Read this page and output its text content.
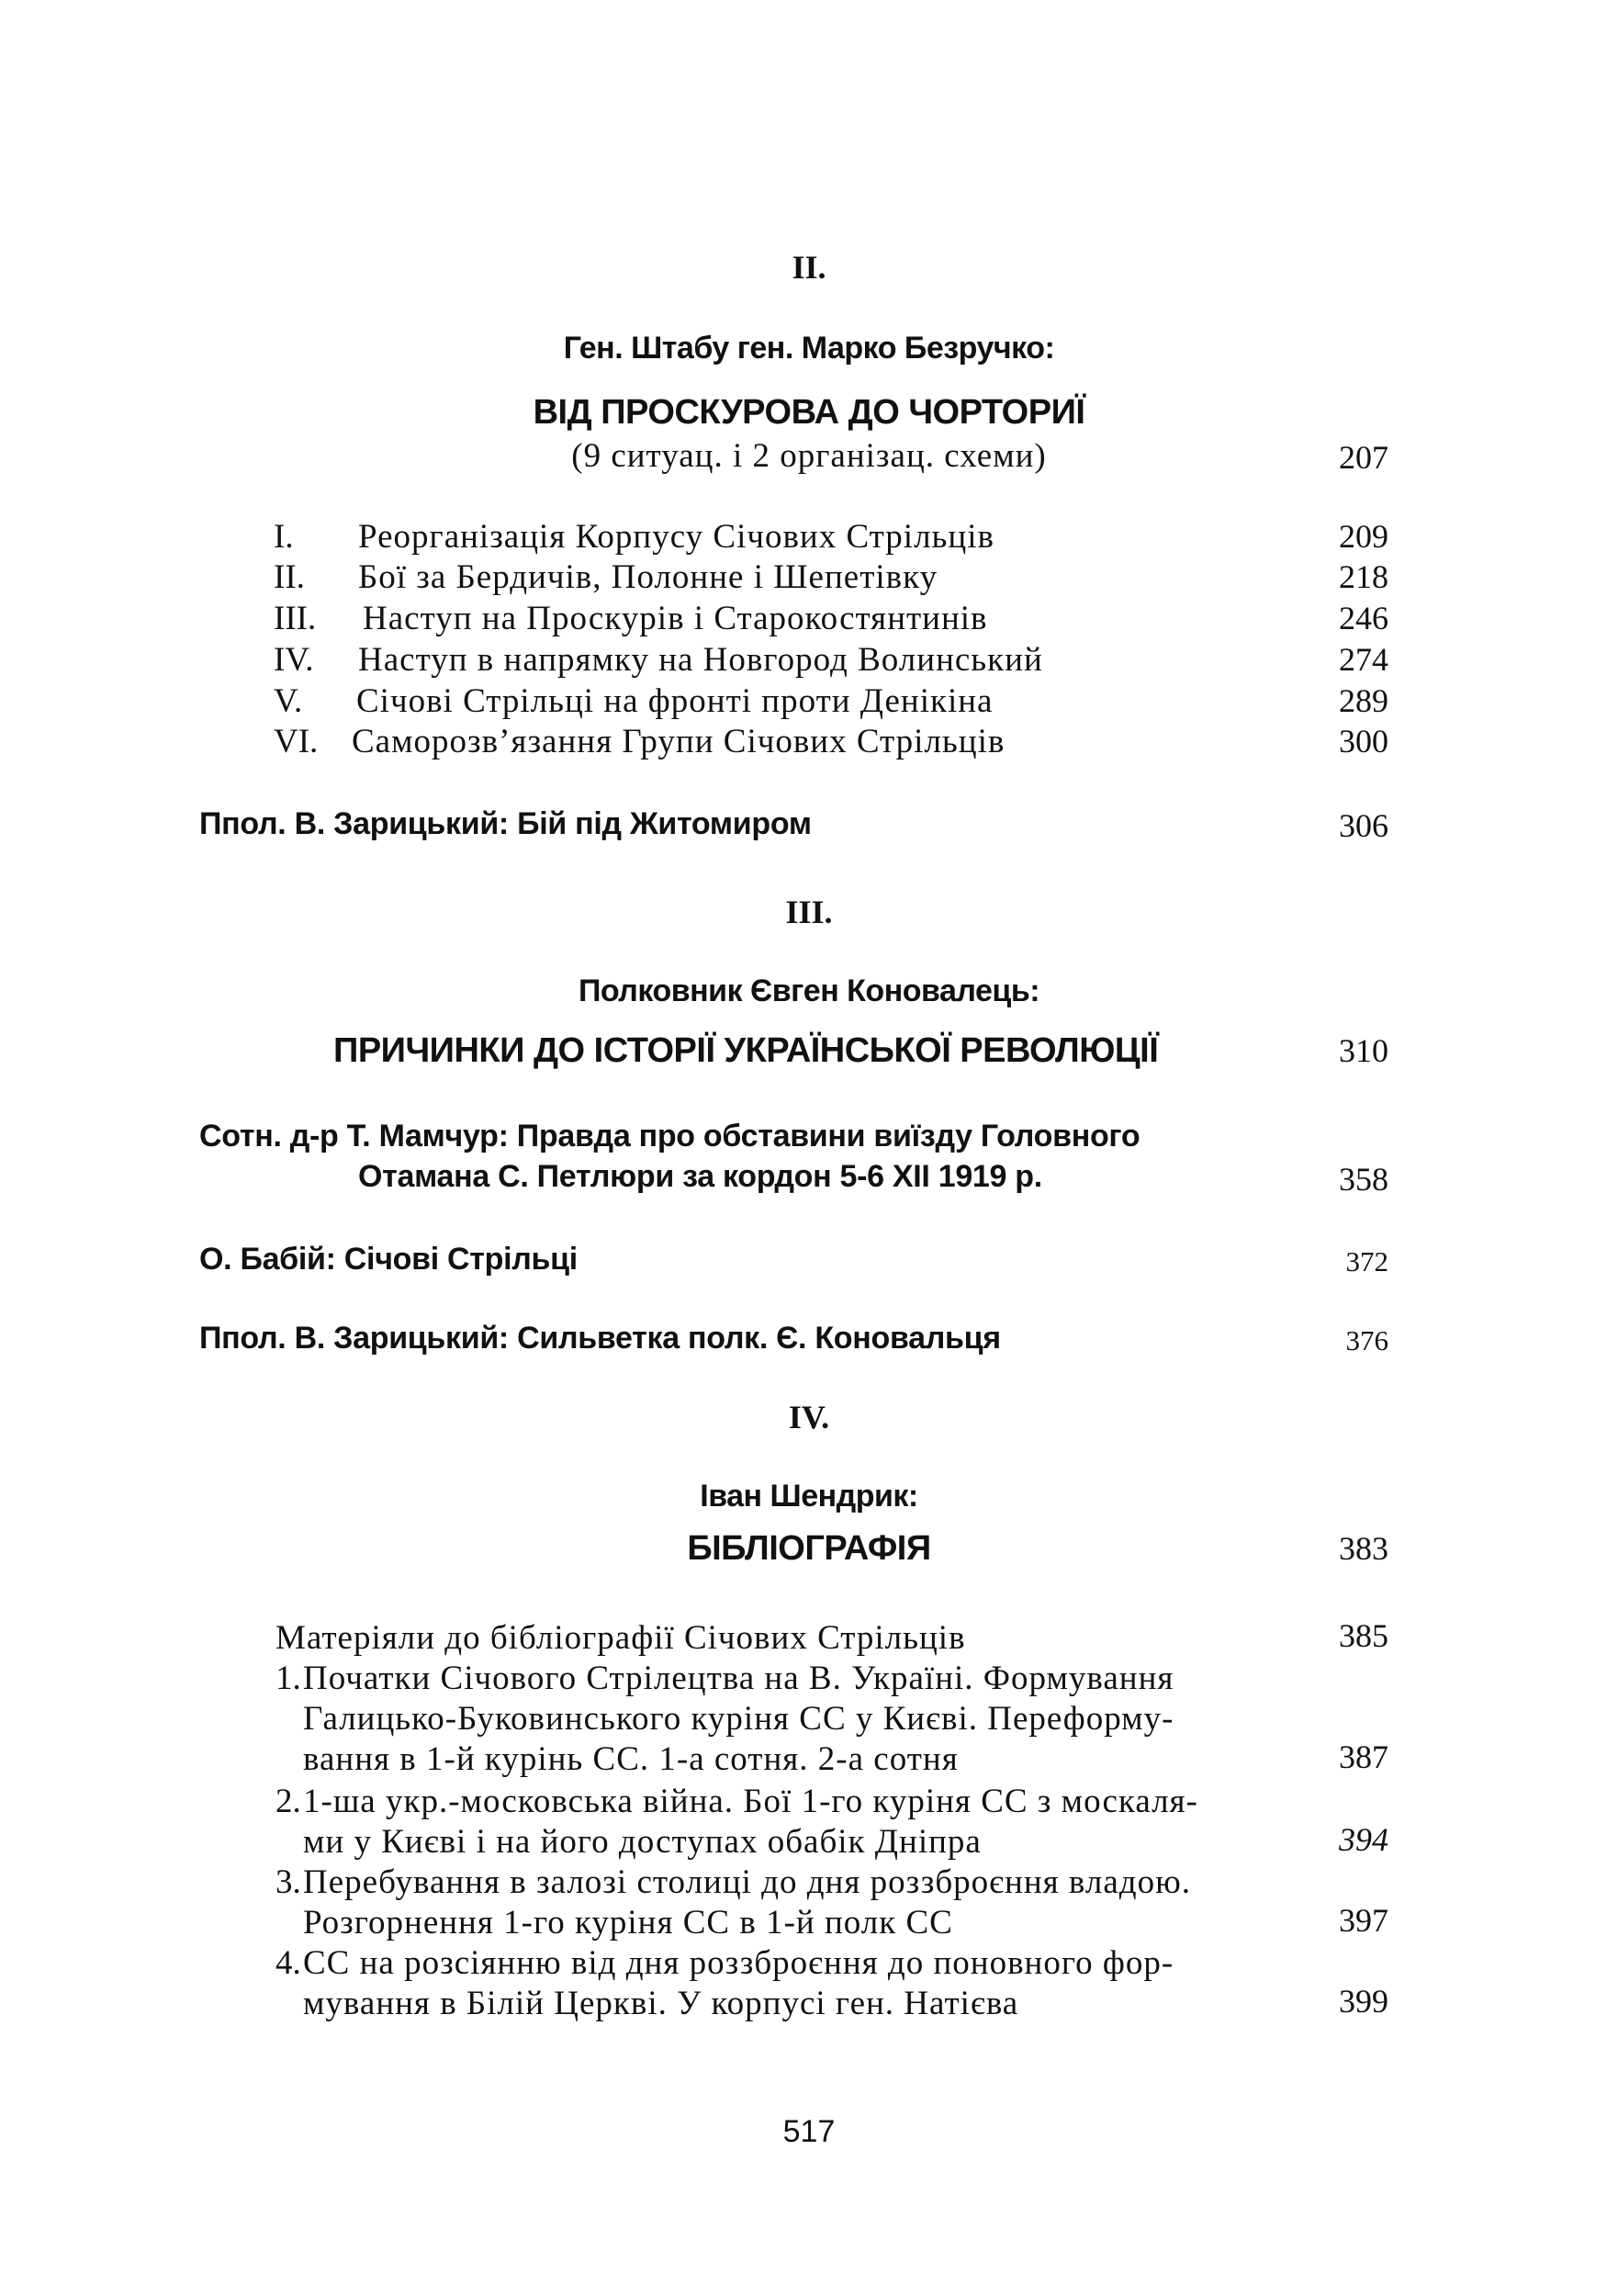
II.
Ген. Штабу ген. Марко Безручко:
ВІД ПРОСКУРОВА ДО ЧОРТОРИЇ
(9 ситуац. і 2 організац. схеми)	207
I. Реорганізація Корпусу Січових Стрільців	209
II. Бої за Бердичів, Полонне і Шепетівку	218
III. Наступ на Проскурів і Старокостянтинів	246
IV. Наступ в напрямку на Новгород Волинський	274
V. Січові Стрільці на фронті проти Денікіна	289
VI. Саморозв’язання Групи Січових Стрільців	300
Ппол. В. Зарицький: Бій під Житомиром	306
III.
Полковник Євген Коновалець:
ПРИЧИНКИ ДО ІСТОРІЇ УКРАЇНСЬКОЇ РЕВОЛЮЦІЇ	310
Сотн. д-р Т. Мамчур: Правда про обставини виїзду Головного
Отамана С. Петлюри за кордон 5-6 XII 1919 р.	358
О. Бабій: Січові Стрільці	372
Ппол. В. Зарицький: Сильветка полк. Є. Коновальця	376
IV.
Іван Шендрик:
БІБЛІОГРАФІЯ	383
Матеріяли до бібліографії Січових Стрільців	385
1. Початки Січового Стрілецтва на В. Україні. Формування
Галицько-Буковинського куріня СС у Києві. Переформу-
вання в 1-й курінь СС. 1-а сотня. 2-а сотня	387
2. 1-ша укр.-московська війна. Бої 1-го куріня СС з москаля-
ми у Києві і на його доступах обабік Дніпра	394
3. Перебування в залозі столиці до дня роззброєння владою.
Розгорнення 1-го куріня СС в 1-й полк СС	397
4. СС на розсіянню від дня роззброєння до поновного фор-
мування в Білій Церкві. У корпусі ген. Натієва	399
517
